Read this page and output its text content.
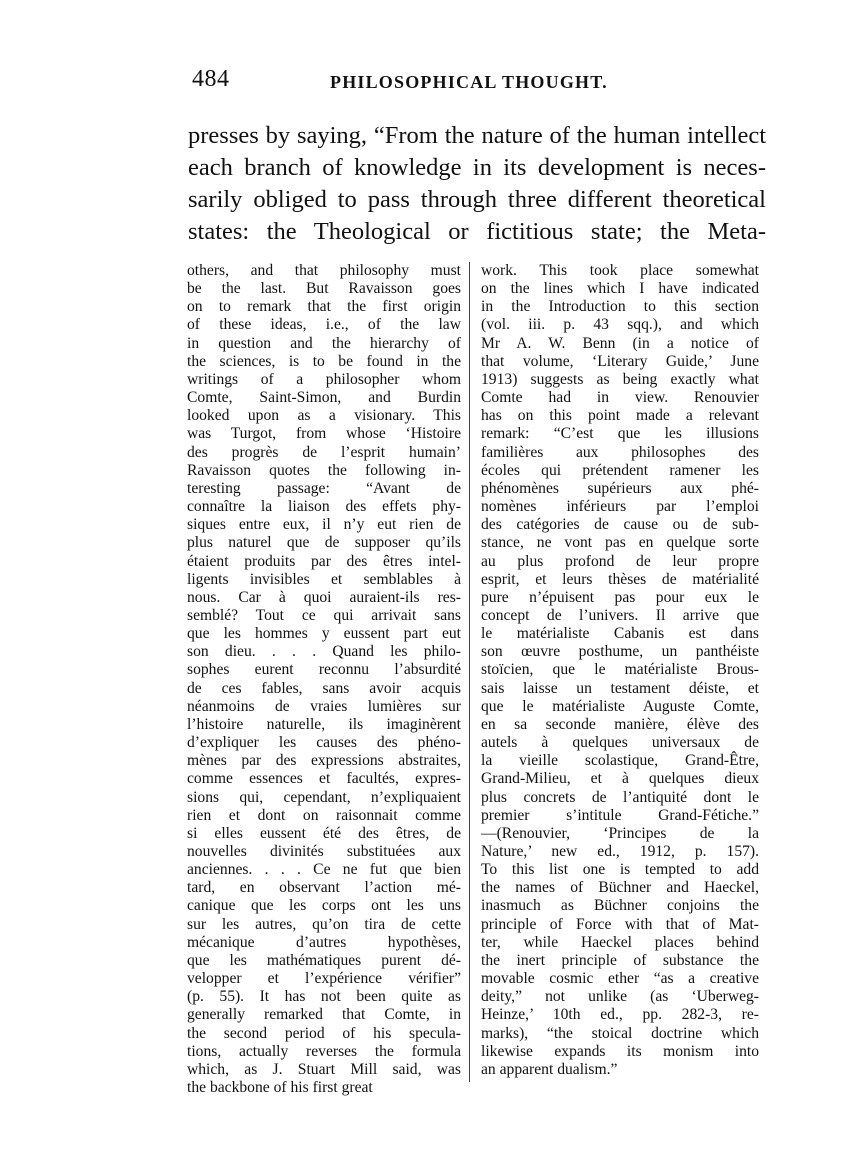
484	PHILOSOPHICAL THOUGHT.
presses by saying, “From the nature of the human intellect
each branch of knowledge in its development is neces-
sarily obliged to pass through three different theoretical
states: the Theological or fictitious state; the Meta-
others, and that philosophy must
be the last. But Ravaisson goes
on to remark that the first origin
of these ideas, i.e., of the law
in question and the hierarchy of
the sciences, is to be found in the
writings of a philosopher whom
Comte, Saint-Simon, and Burdin
looked upon as a visionary. This
was Turgot, from whose ‘Histoire
des progrès de l’esprit humain’
Ravaisson quotes the following in-
teresting passage: “Avant de
connaître la liaison des effets phy-
siques entre eux, il n’y eut rien de
plus naturel que de supposer qu’ils
étaient produits par des êtres intel-
ligents invisibles et semblables à
nous. Car à quoi auraient-ils res-
semblé? Tout ce qui arrivait sans
que les hommes y eussent part eut
son dieu. . . . Quand les philo-
sophes eurent reconnu l’absurdité
de ces fables, sans avoir acquis
néanmoins de vraies lumières sur
l’histoire naturelle, ils imaginèrent
d’expliquer les causes des phéno-
mènes par des expressions abstraites,
comme essences et facultés, expres-
sions qui, cependant, n’expliquaient
rien et dont on raisonnait comme
si elles eussent été des êtres, de
nouvelles divinités substituées aux
anciennes. . . . Ce ne fut que bien
tard, en observant l’action mé-
canique que les corps ont les uns
sur les autres, qu’on tira de cette
mécanique d’autres hypothèses,
que les mathématiques purent dé-
velopper et l’expérience vérifier”
(p. 55). It has not been quite as
generally remarked that Comte, in
the second period of his specula-
tions, actually reverses the formula
which, as J. Stuart Mill said, was
the backbone of his first great
work. This took place somewhat
on the lines which I have indicated
in the Introduction to this section
(vol. iii. p. 43 sqq.), and which
Mr A. W. Benn (in a notice of
that volume, ‘Literary Guide,’ June
1913) suggests as being exactly what
Comte had in view. Renouvier
has on this point made a relevant
remark: “C’est que les illusions
familières aux philosophes des
écoles qui prétendent ramener les
phénomènes supérieurs aux phé-
nomènes inférieurs par l’emploi
des catégories de cause ou de sub-
stance, ne vont pas en quelque sorte
au plus profond de leur propre
esprit, et leurs thèses de matérialité
pure n’épuisent pas pour eux le
concept de l’univers. Il arrive que
le matérialiste Cabanis est dans
son œuvre posthume, un panthéiste
stoïcien, que le matérialiste Brous-
sais laisse un testament déiste, et
que le matérialiste Auguste Comte,
en sa seconde manière, élève des
autels à quelques universaux de
la vieille scolastique, Grand-Être,
Grand-Milieu, et à quelques dieux
plus concrets de l’antiquité dont le
premier s’intitule Grand-Fétiche.”
—(Renouvier, ‘Principes de la
Nature,’ new ed., 1912, p. 157).
To this list one is tempted to add
the names of Büchner and Haeckel,
inasmuch as Büchner conjoins the
principle of Force with that of Mat-
ter, while Haeckel places behind
the inert principle of substance the
movable cosmic ether “as a creative
deity,” not unlike (as ‘Uberweg-
Heinze,’ 10th ed., pp. 282-3, re-
marks), “the stoical doctrine which
likewise expands its monism into
an apparent dualism.”
